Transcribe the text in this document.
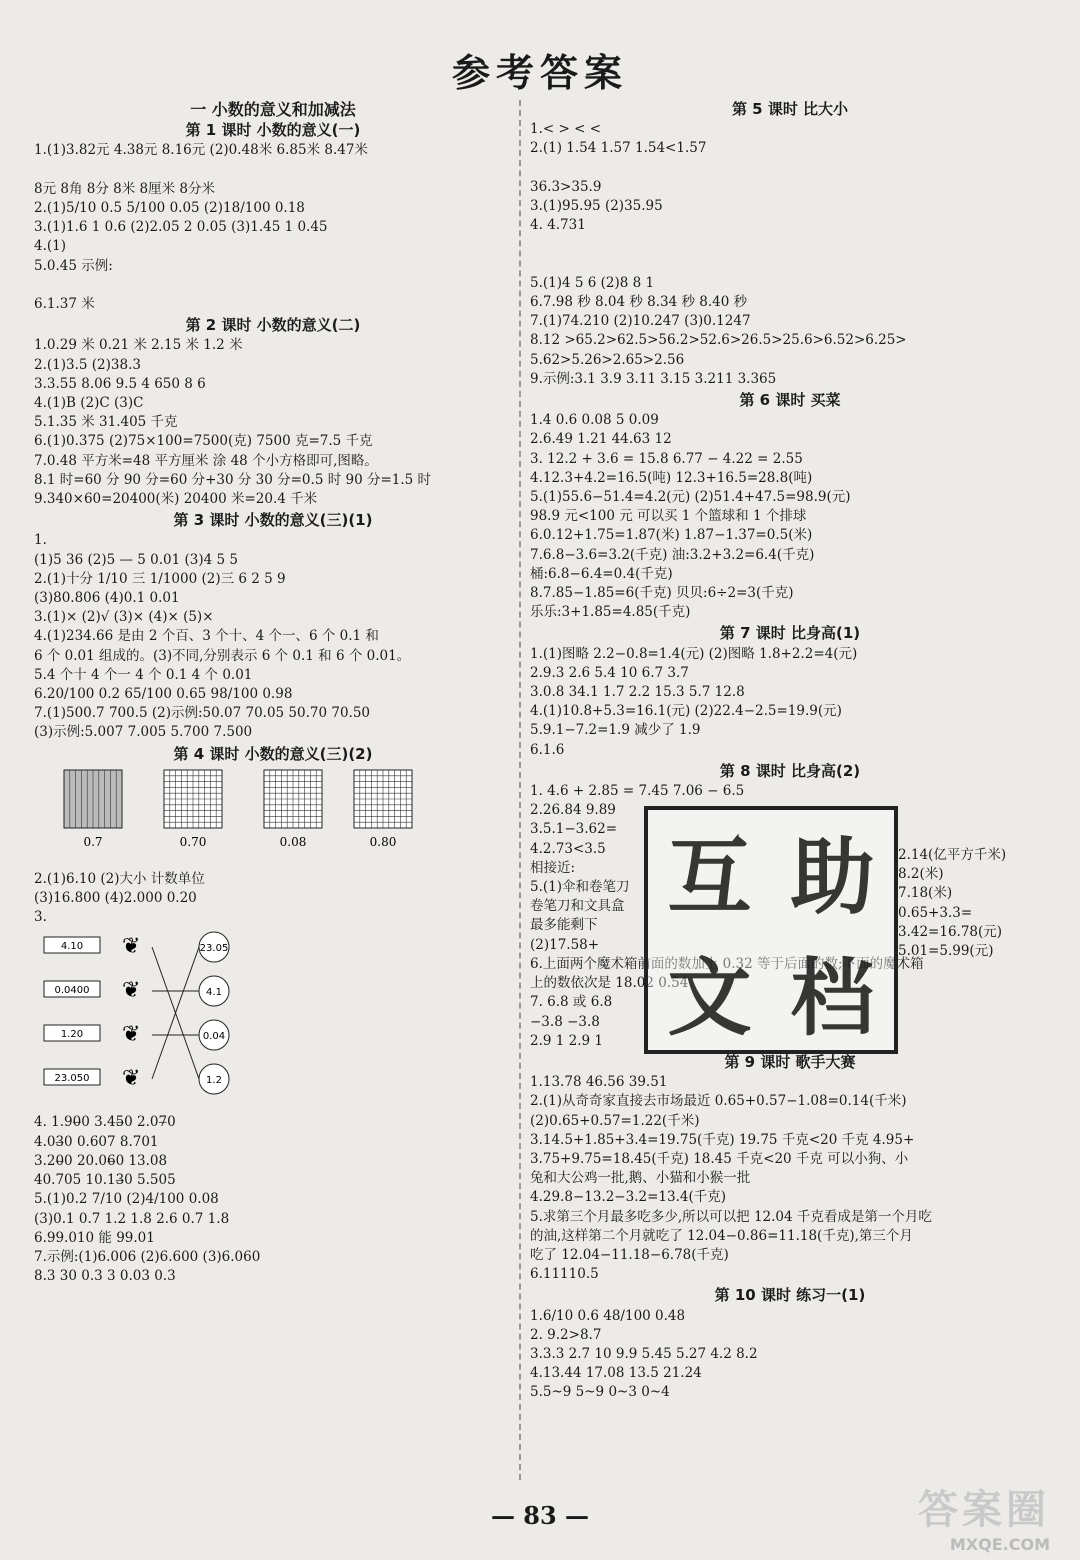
参考答案
一 小数的意义和加减法
第 1 课时 小数的意义(一)
1.(1)3.82元 4.38元 8.16元 (2)0.48米 6.85米 8.47米
8元 8角 8分 8米 8厘米 8分米
2.(1)5/10 0.5 5/100 0.05 (2)18/100 0.18
3.(1)1.6 1 0.6 (2)2.05 2 0.05 (3)1.45 1 0.45
4.(1)
5.0.45 示例:
6.1.37 米
第 2 课时 小数的意义(二)
1.0.29 米 0.21 米 2.15 米 1.2 米
2.(1)3.5 (2)38.3
3.3.55 8.06 9.5 4 650 8 6
4.(1)B (2)C (3)C
5.1.35 米 31.405 千克
6.(1)0.375 (2)75×100=7500(克) 7500 克=7.5 千克
7.0.48 平方米=48 平方厘米 涂 48 个小方格即可,图略。
8.1 时=60 分 90 分=60 分+30 分 30 分=0.5 时 90 分=1.5 时
9.340×60=20400(米) 20400 米=20.4 千米
第 3 课时 小数的意义(三)(1)
1.
(1)5 36 (2)5 — 5 0.01 (3)4 5 5
2.(1)十分 1/10 三 1/1000 (2)三 6 2 5 9
(3)80.806 (4)0.1 0.01
3.(1)× (2)√ (3)× (4)× (5)×
4.(1)234.66 是由 2 个百、3 个十、4 个一、6 个 0.1 和
6 个 0.01 组成的。(3)不同,分别表示 6 个 0.1 和 6 个 0.01。
5.4 个十 4 个一 4 个 0.1 4 个 0.01
6.20/100 0.2 65/100 0.65 98/100 0.98
7.(1)500.7 700.5 (2)示例:50.07 70.05 50.70 70.50
(3)示例:5.007 7.005 5.700 7.500
第 4 课时 小数的意义(三)(2)
0.7	0.70	0.08	0.80
2.(1)6.10 (2)大小 计数单位
(3)16.800 (4)2.000 0.20
3.
4.10 ❦
0.0400 ❦
1.20 ❦
23.050 ❦
23.05
4.1
0.04
1.2
4. 1.90̶0 3.45̶0 2.07̶0
4.03̶0 0.607 8.701
3.20̶0 20.06̶0 13.08
40.705 10.13̶0 5.505
5.(1)0.2 7/10 (2)4/100 0.08
(3)0.1 0.7 1.2 1.8 2.6 0.7 1.8
6.99.010 能 99.01
7.示例:(1)6.006 (2)6.600 (3)6.060
8.3 30 0.3 3 0.03 0.3
第 5 课时 比大小
1.< > < <
2.(1) 1.54 1.57 1.54<1.57
36.3>35.9
3.(1)95.95 (2)35.95
4. 4.731
5.(1)4 5 6 (2)8 8 1
6.7.98 秒 8.04 秒 8.34 秒 8.40 秒
7.(1)74.210 (2)10.247 (3)0.1247
8.12 >65.2>62.5>56.2>52.6>26.5>25.6>6.52>6.25>
5.62>5.26>2.65>2.56
9.示例:3.1 3.9 3.11 3.15 3.211 3.365
第 6 课时 买菜
1.4 0.6 0.08 5 0.09
2.6.49 1.21 44.63 12
3. 12.2 + 3.6 = 15.8 6.77 − 4.22 = 2.55
4.12.3+4.2=16.5(吨) 12.3+16.5=28.8(吨)
5.(1)55.6−51.4=4.2(元) (2)51.4+47.5=98.9(元)
98.9 元<100 元 可以买 1 个篮球和 1 个排球
6.0.12+1.75=1.87(米) 1.87−1.37=0.5(米)
7.6.8−3.6=3.2(千克) 油:3.2+3.2=6.4(千克)
桶:6.8−6.4=0.4(千克)
8.7.85−1.85=6(千克) 贝贝:6÷2=3(千克)
乐乐:3+1.85=4.85(千克)
第 7 课时 比身高(1)
1.(1)图略 2.2−0.8=1.4(元) (2)图略 1.8+2.2=4(元)
2.9.3 2.6 5.4 10 6.7 3.7
3.0.8 34.1 1.7 2.2 15.3 5.7 12.8
4.(1)10.8+5.3=16.1(元) (2)22.4−2.5=19.9(元)
5.9.1−7.2=1.9 减少了 1.9
6.1.6
第 8 课时 比身高(2)
1. 4.6 + 2.85 = 7.45 7.06 − 6.5
2.26.84 9.89
3.5.1−3.62=
4.2.73<3.5
相接近:
5.(1)伞和卷笔刀
卷笔刀和文具盒
最多能剩下
(2)17.58+
6.上面两个魔术箱前面的数加上 0.32 等于后面的数;下面的魔术箱
上的数依次是 18.02 0.54
7. 6.8 或 6.8
−3.8 −3.8
2.9 1 2.9 1
第 9 课时 歌手大赛
1.13.78 46.56 39.51
2.(1)从奇奇家直接去市场最近 0.65+0.57−1.08=0.14(千米)
(2)0.65+0.57=1.22(千米)
3.14.5+1.85+3.4=19.75(千克) 19.75 千克<20 千克 4.95+
3.75+9.75=18.45(千克) 18.45 千克<20 千克 可以小狗、小
兔和大公鸡一批,鹅、小猫和小猴一批
4.29.8−13.2−3.2=13.4(千克)
5.求第三个月最多吃多少,所以可以把 12.04 千克看成是第一个月吃
的油,这样第二个月就吃了 12.04−0.86=11.18(千克),第三个月
吃了 12.04−11.18−6.78(千克)
6.11110.5
第 10 课时 练习一(1)
1.6/10 0.6 48/100 0.48
2. 9.2>8.7
3.3.3 2.7 10 9.9 5.45 5.27 4.2 8.2
4.13.44 17.08 13.5 21.24
5.5~9 5~9 0~3 0~4
2.14(亿平方千米)
8.2(米)
7.18(米)
0.65+3.3=
3.42=16.78(元)
5.01=5.99(元)
互 助
文 档
— 83 —	答案圈
MXQE.COM
